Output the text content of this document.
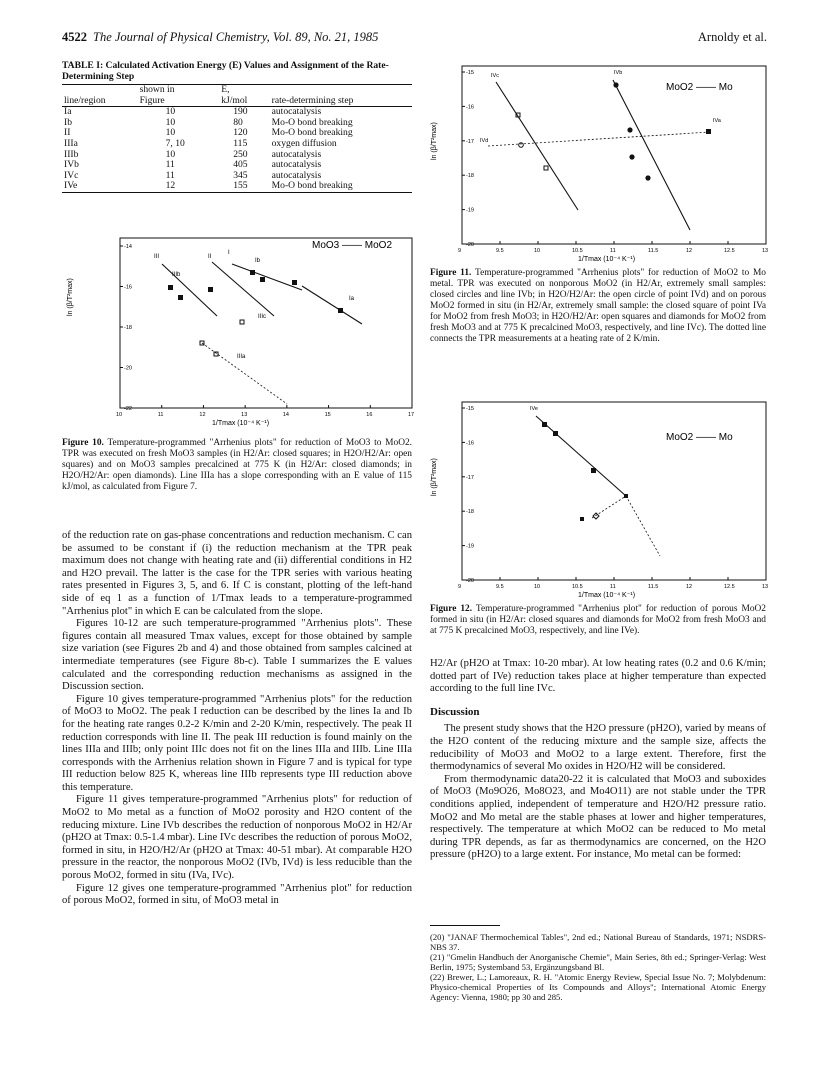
4522 The Journal of Physical Chemistry, Vol. 89, No. 21, 1985	Arnoldy et al.
TABLE I: Calculated Activation Energy (E) Values and Assignment of the Rate-Determining Step
	shown in	E,	
line/region	Figure	kJ/mol	rate-determining step
Ia	10	190	autocatalysis
Ib	10	80	Mo-O bond breaking
II	10	120	Mo-O bond breaking
IIIa	7, 10	115	oxygen diffusion
IIIb	10	250	autocatalysis
IVb	11	405	autocatalysis
IVc	11	345	autocatalysis
IVe	12	155	Mo-O bond breaking
ln (β/T²max)
-14
-16
-18
-20
-22
10	11	12	13	14	15	16	17
MoO3 —— MoO2
III	II
I
Ib
IIIb
Ia
IIIc
IIIa
1/Tmax (10⁻⁴ K⁻¹)
Figure 10. Temperature-programmed "Arrhenius plots" for reduction of MoO3 to MoO2. TPR was executed on fresh MoO3 samples (in H2/Ar: closed squares; in H2O/H2/Ar: open squares) and on MoO3 samples precalcined at 775 K (in H2/Ar: closed diamonds; in H2O/H2/Ar: open diamonds). Line IIIa has a slope corresponding with an E value of 115 kJ/mol, as calculated from Figure 7.

of the reduction rate on gas-phase concentrations and reduction mechanism. C can be assumed to be constant if (i) the reduction mechanism at the TPR peak maximum does not change with heating rate and (ii) differential conditions in H2 and H2O prevail. The latter is the case for the TPR series with various heating rates presented in Figures 3, 5, and 6. If C is constant, plotting of the left-hand side of eq 1 as a function of 1/Tmax leads to a temperature-programmed "Arrhenius plot" in which E can be calculated from the slope.

Figures 10-12 are such temperature-programmed "Arrhenius plots". These figures contain all measured Tmax values, except for those obtained by sample size variation (see Figures 2b and 4) and those obtained from samples calcined at intermediate temperatures (see Figure 8b-c). Table I summarizes the E values calculated and the corresponding reduction mechanisms as assigned in the Discussion section.

Figure 10 gives temperature-programmed "Arrhenius plots" for the reduction of MoO3 to MoO2. The peak I reduction can be described by the lines Ia and Ib for the heating rate ranges 0.2-2 K/min and 2-20 K/min, respectively. The peak II reduction corresponds with line II. The peak III reduction is found mainly on the lines IIIa and IIIb; only point IIIc does not fit on the lines IIIa and IIIb. Line IIIa corresponds with the Arrhenius relation shown in Figure 7 and is typical for type III reduction below 825 K, whereas line IIIb represents type III reduction above this temperature.

Figure 11 gives temperature-programmed "Arrhenius plots" for reduction of MoO2 to Mo metal as a function of MoO2 porosity and H2O content of the reducing mixture. Line IVb describes the reduction of nonporous MoO2 in H2/Ar (pH2O at Tmax: 0.5-1.4 mbar). Line IVc describes the reduction of porous MoO2, formed in situ, in H2O/H2/Ar (pH2O at Tmax: 40-51 mbar). At comparable H2O pressure in the reactor, the nonporous MoO2 (IVb, IVd) is less reducible than the porous MoO2, formed in situ (IVa, IVc).

Figure 12 gives one temperature-programmed "Arrhenius plot" for reduction of porous MoO2, formed in situ, of MoO3 metal in

ln (β/T²max)
-15
-16
-17
-18
-19
-20
9	9.5	10	10.5	11	11.5	12	12.5	13
MoO2 —— Mo
IVc	IVb
IVa
IVd
1/Tmax (10⁻⁴ K⁻¹)
Figure 11. Temperature-programmed "Arrhenius plots" for reduction of MoO2 to Mo metal. TPR was executed on nonporous MoO2 (in H2/Ar, extremely small samples: closed circles and line IVb; in H2O/H2/Ar: the open circle of point IVd) and on porous MoO2 formed in situ (in H2/Ar, extremely small sample: the closed square of point IVa for MoO2 from fresh MoO3; in H2O/H2/Ar: open squares and diamonds for MoO2 from fresh MoO3 and at 775 K precalcined MoO3, respectively, and line IVc). The dotted line connects the TPR measurements at a heating rate of 2 K/min.
ln (β/T²max)
-15
-16
-17
-18
-19
-20
9	9.5	10	10.5	11	11.5	12	12.5	13
MoO2 —— Mo
IVe
1/Tmax (10⁻⁴ K⁻¹)
Figure 12. Temperature-programmed "Arrhenius plot" for reduction of porous MoO2 formed in situ (in H2/Ar: closed squares and diamonds for MoO2 from fresh MoO3 and at 775 K precalcined MoO3, respectively, and line IVe).

H2/Ar (pH2O at Tmax: 10-20 mbar). At low heating rates (0.2 and 0.6 K/min; dotted part of IVe) reduction takes place at higher temperature than expected according to the full line IVc.

Discussion

The present study shows that the H2O pressure (pH2O), varied by means of the H2O content of the reducing mixture and the sample size, affects the reducibility of MoO3 and MoO2 to a large extent. Therefore, first the thermodynamics of several Mo oxides in H2O/H2 will be considered.

From thermodynamic data20-22 it is calculated that MoO3 and suboxides of MoO3 (Mo9O26, Mo8O23, and Mo4O11) are not stable under the TPR conditions applied, independent of temperature and H2O/H2 pressure ratio. MoO2 and Mo metal are the stable phases at lower and higher temperatures, respectively. The temperature at which MoO2 can be reduced to Mo metal during TPR depends, as far as thermodynamics are concerned, on the H2O pressure (pH2O) to a large extent. For instance, Mo metal can be formed:

(20) "JANAF Thermochemical Tables", 2nd ed.; National Bureau of Standards, 1971; NSDRS-NBS 37.
(21) "Gmelin Handbuch der Anorganische Chemie", Main Series, 8th ed.; Springer-Verlag: West Berlin, 1975; Systemband 53, Ergänzungsband Bl.
(22) Brewer, L.; Lamoreaux, R. H. "Atomic Energy Review, Special Issue No. 7; Molybdenum: Physico-chemical Properties of Its Compounds and Alloys"; International Atomic Energy Agency: Vienna, 1980; pp 30 and 285.
